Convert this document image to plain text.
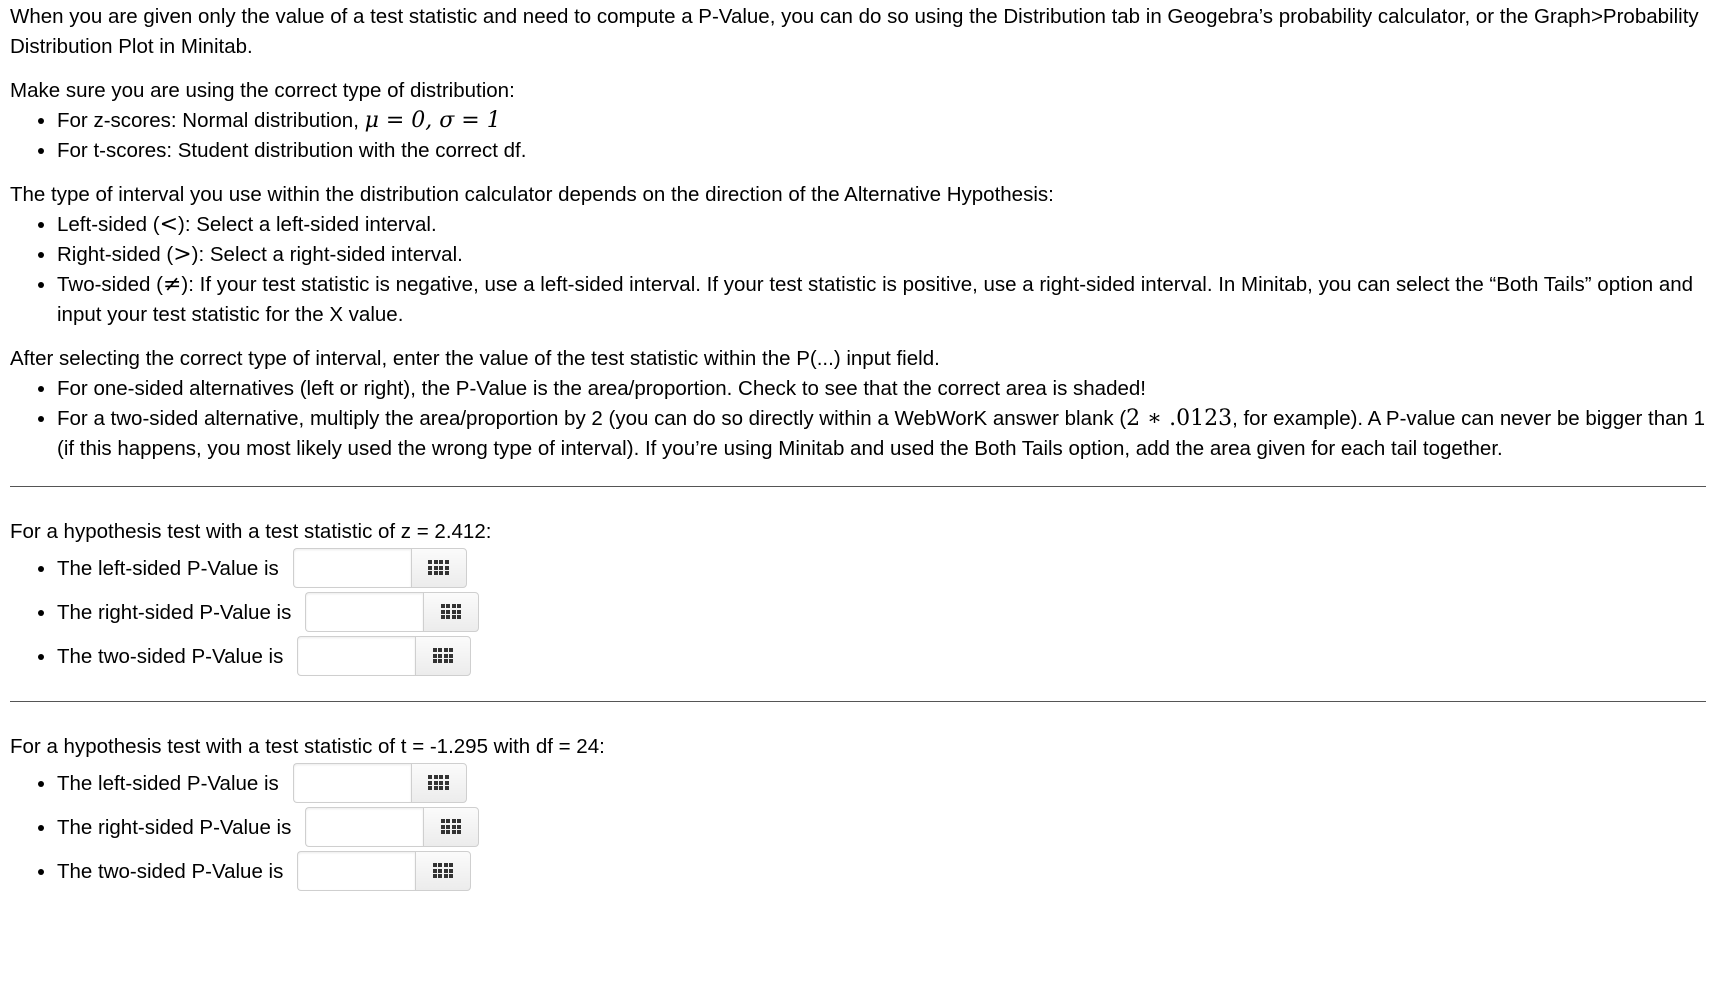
When you are given only the value of a test statistic and need to compute a P-Value, you can do so using the Distribution tab in Geogebra’s probability calculator, or the Graph>Probability Distribution Plot in Minitab.

Make sure you are using the correct type of distribution:

• For z-scores: Normal distribution, μ = 0, σ = 1
• For t-scores: Student distribution with the correct df.

The type of interval you use within the distribution calculator depends on the direction of the Alternative Hypothesis:

• Left-sided (<): Select a left-sided interval.
• Right-sided (>): Select a right-sided interval.
• Two-sided (≠): If your test statistic is negative, use a left-sided interval. If your test statistic is positive, use a right-sided interval. In Minitab, you can select the “Both Tails” option and input your test statistic for the X value.

After selecting the correct type of interval, enter the value of the test statistic within the P(...) input field.

• For one-sided alternatives (left or right), the P-Value is the area/proportion. Check to see that the correct area is shaded!
• For a two-sided alternative, multiply the area/proportion by 2 (you can do so directly within a WebWorK answer blank (2 ∗ .0123, for example). A P-value can never be bigger than 1 (if this happens, you most likely used the wrong type of interval). If you’re using Minitab and used the Both Tails option, add the area given for each tail together.

For a hypothesis test with a test statistic of z = 2.412:

• The left-sided P-Value is
• The right-sided P-Value is
• The two-sided P-Value is

For a hypothesis test with a test statistic of t = -1.295 with df = 24:

• The left-sided P-Value is
• The right-sided P-Value is
• The two-sided P-Value is
